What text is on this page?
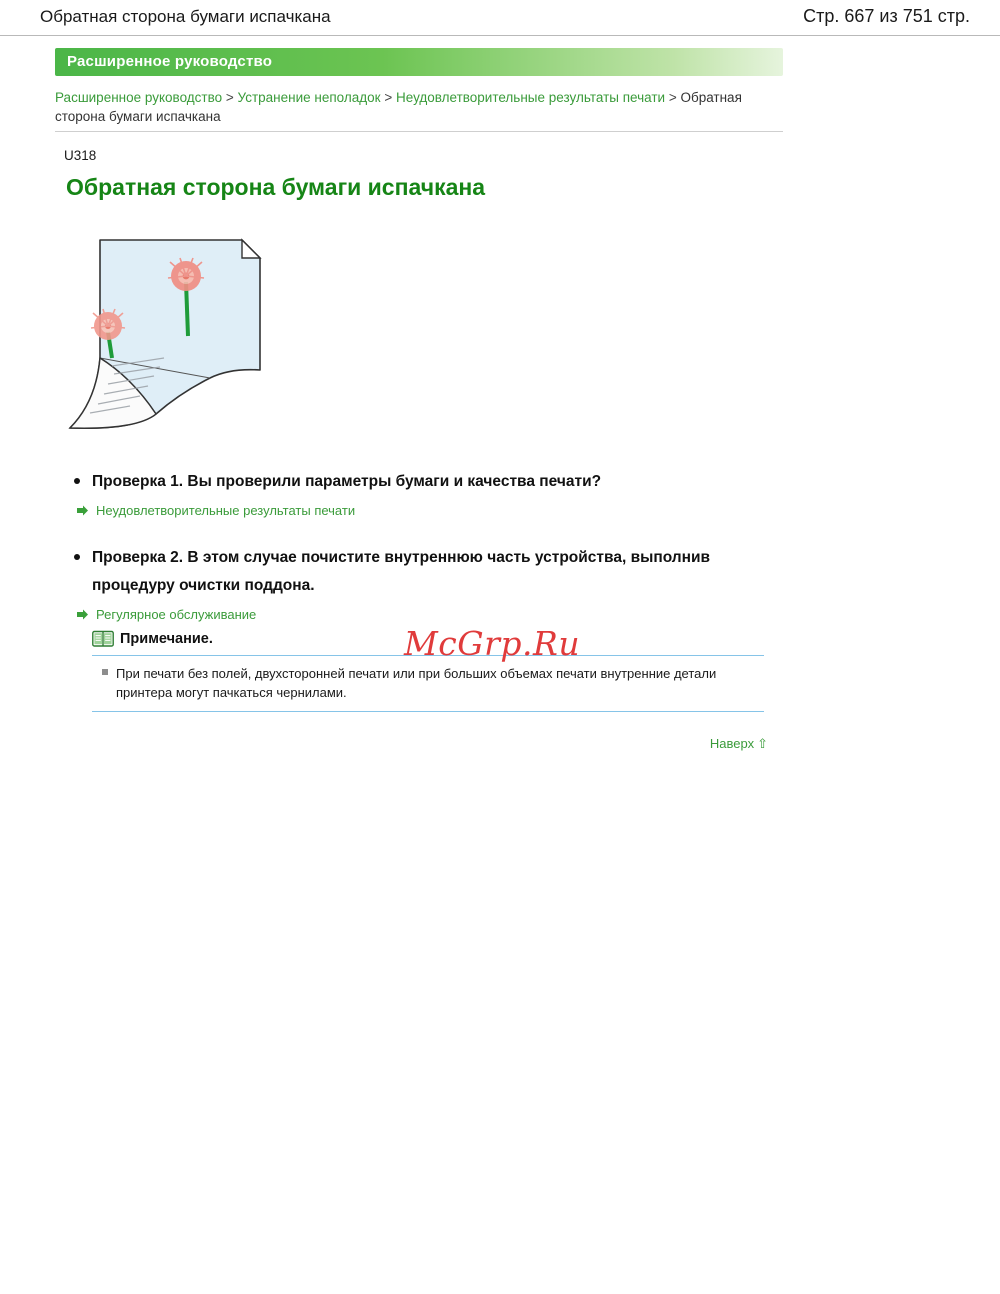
Обратная сторона бумаги испачкана	Стр. 667 из 751 стр.
Расширенное руководство
Расширенное руководство > Устранение неполадок > Неудовлетворительные результаты печати > Обратная сторона бумаги испачкана
U318
Обратная сторона бумаги испачкана
Проверка 1. Вы проверили параметры бумаги и качества печати?
Неудовлетворительные результаты печати
Проверка 2. В этом случае почистите внутреннюю часть устройства, выполнив процедуру очистки поддона.
Регулярное обслуживание
Примечание.
При печати без полей, двухсторонней печати или при больших объемах печати внутренние детали принтера могут пачкаться чернилами.
Наверх ⇧
McGrp.Ru
